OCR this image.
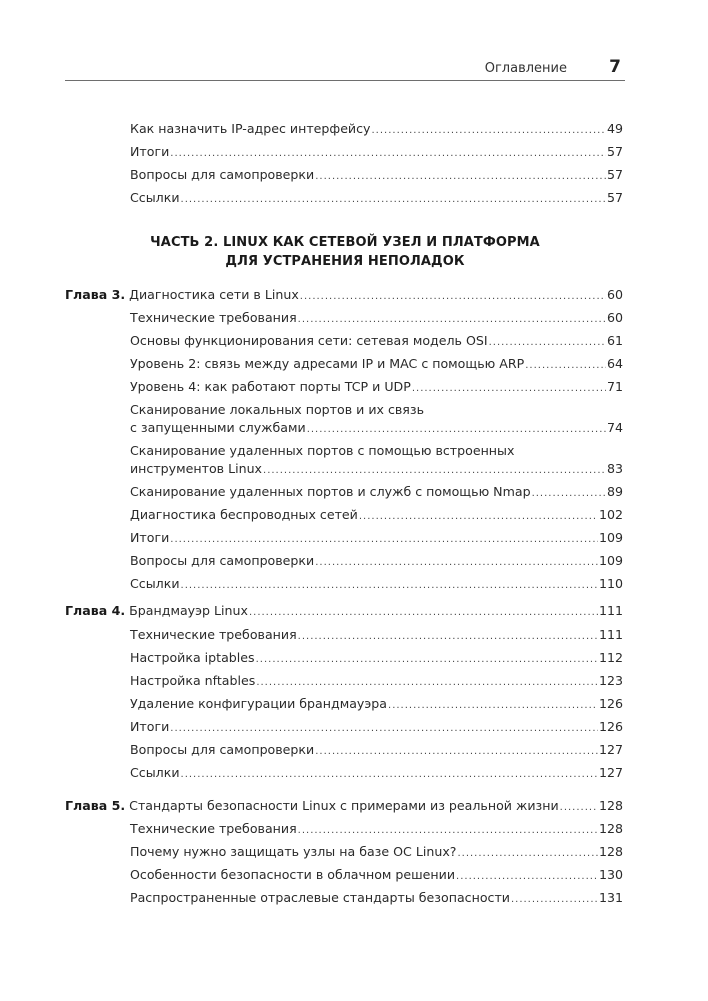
Оглавление 7
Как назначить IP-адрес интерфейсу .....	49
Итоги .....	57
Вопросы для самопроверки .....	57
Ссылки .....	57
ЧАСТЬ 2. LINUX КАК СЕТЕВОЙ УЗЕЛ И ПЛАТФОРМА
ДЛЯ УСТРАНЕНИЯ НЕПОЛАДОК
Глава 3. Диагностика сети в Linux .....	60
Технические требования .....	60
Основы функционирования сети: сетевая модель OSI .....	61
Уровень 2: связь между адресами IP и MAC с помощью ARP .....	64
Уровень 4: как работают порты TCP и UDP .....	71
Сканирование локальных портов и их связь
с запущенными службами .....	74
Сканирование удаленных портов с помощью встроенных
инструментов Linux .....	83
Сканирование удаленных портов и служб с помощью Nmap .....	89
Диагностика беспроводных сетей .....	102
Итоги .....	109
Вопросы для самопроверки .....	109
Ссылки .....	110
Глава 4. Брандмауэр Linux .....	111
Технические требования .....	111
Настройка iptables .....	112
Настройка nftables .....	123
Удаление конфигурации брандмауэра .....	126
Итоги .....	126
Вопросы для самопроверки .....	127
Ссылки .....	127
Глава 5. Стандарты безопасности Linux с примерами из реальной жизни .....	128
Технические требования .....	128
Почему нужно защищать узлы на базе ОС Linux? .....	128
Особенности безопасности в облачном решении .....	130
Распространенные отраслевые стандарты безопасности .....	131
